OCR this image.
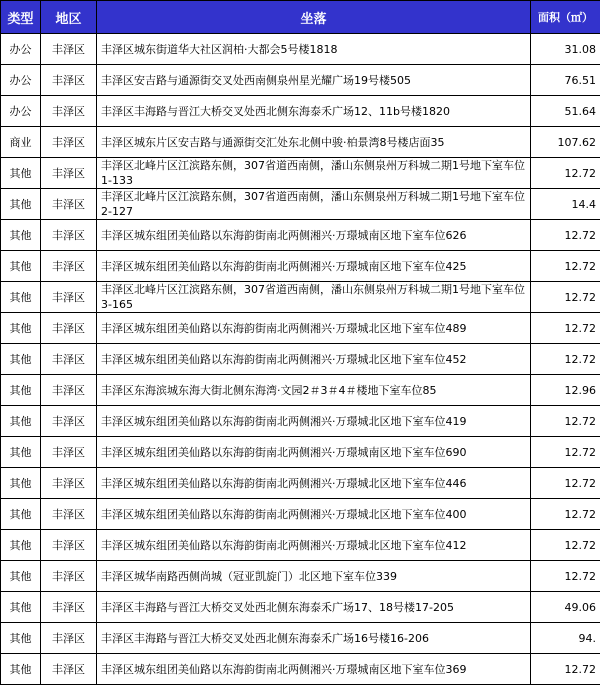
类型	地区	坐落	面积（㎡）
办公	丰泽区	丰泽区城东街道华大社区润柏·大都会5号楼1818	31.08
办公	丰泽区	丰泽区安吉路与通源街交叉处西南侧泉州星光耀广场19号楼505	76.51
办公	丰泽区	丰泽区丰海路与晋江大桥交叉处西北侧东海泰禾广场12、11b号楼1820	51.64
商业	丰泽区	丰泽区城东片区安吉路与通源街交汇处东北侧中骏·柏景湾8号楼店面35	107.62
其他	丰泽区	丰泽区北峰片区江滨路东侧，307省道西南侧，潘山东侧泉州万科城二期1号地下室车位1-133	12.72
其他	丰泽区	丰泽区北峰片区江滨路东侧，307省道西南侧，潘山东侧泉州万科城二期1号地下室车位2-127	14.4
其他	丰泽区	丰泽区城东组团美仙路以东海韵街南北两侧湘兴·万璟城南区地下室车位626	12.72
其他	丰泽区	丰泽区城东组团美仙路以东海韵街南北两侧湘兴·万璟城南区地下室车位425	12.72
其他	丰泽区	丰泽区北峰片区江滨路东侧，307省道西南侧，潘山东侧泉州万科城二期1号地下室车位3-165	12.72
其他	丰泽区	丰泽区城东组团美仙路以东海韵街南北两侧湘兴·万璟城北区地下室车位489	12.72
其他	丰泽区	丰泽区城东组团美仙路以东海韵街南北两侧湘兴·万璟城北区地下室车位452	12.72
其他	丰泽区	丰泽区东海滨城东海大街北侧东海湾·文园2＃3＃4＃楼地下室车位85	12.96
其他	丰泽区	丰泽区城东组团美仙路以东海韵街南北两侧湘兴·万璟城北区地下室车位419	12.72
其他	丰泽区	丰泽区城东组团美仙路以东海韵街南北两侧湘兴·万璟城南区地下室车位690	12.72
其他	丰泽区	丰泽区城东组团美仙路以东海韵街南北两侧湘兴·万璟城北区地下室车位446	12.72
其他	丰泽区	丰泽区城东组团美仙路以东海韵街南北两侧湘兴·万璟城北区地下室车位400	12.72
其他	丰泽区	丰泽区城东组团美仙路以东海韵街南北两侧湘兴·万璟城北区地下室车位412	12.72
其他	丰泽区	丰泽区城华南路西侧尚城（冠亚凯旋门）北区地下室车位339	12.72
其他	丰泽区	丰泽区丰海路与晋江大桥交叉处西北侧东海泰禾广场17、18号楼17-205	49.06
其他	丰泽区	丰泽区丰海路与晋江大桥交叉处西北侧东海泰禾广场16号楼16-206	94.
其他	丰泽区	丰泽区城东组团美仙路以东海韵街南北两侧湘兴·万璟城南区地下室车位369	12.72
